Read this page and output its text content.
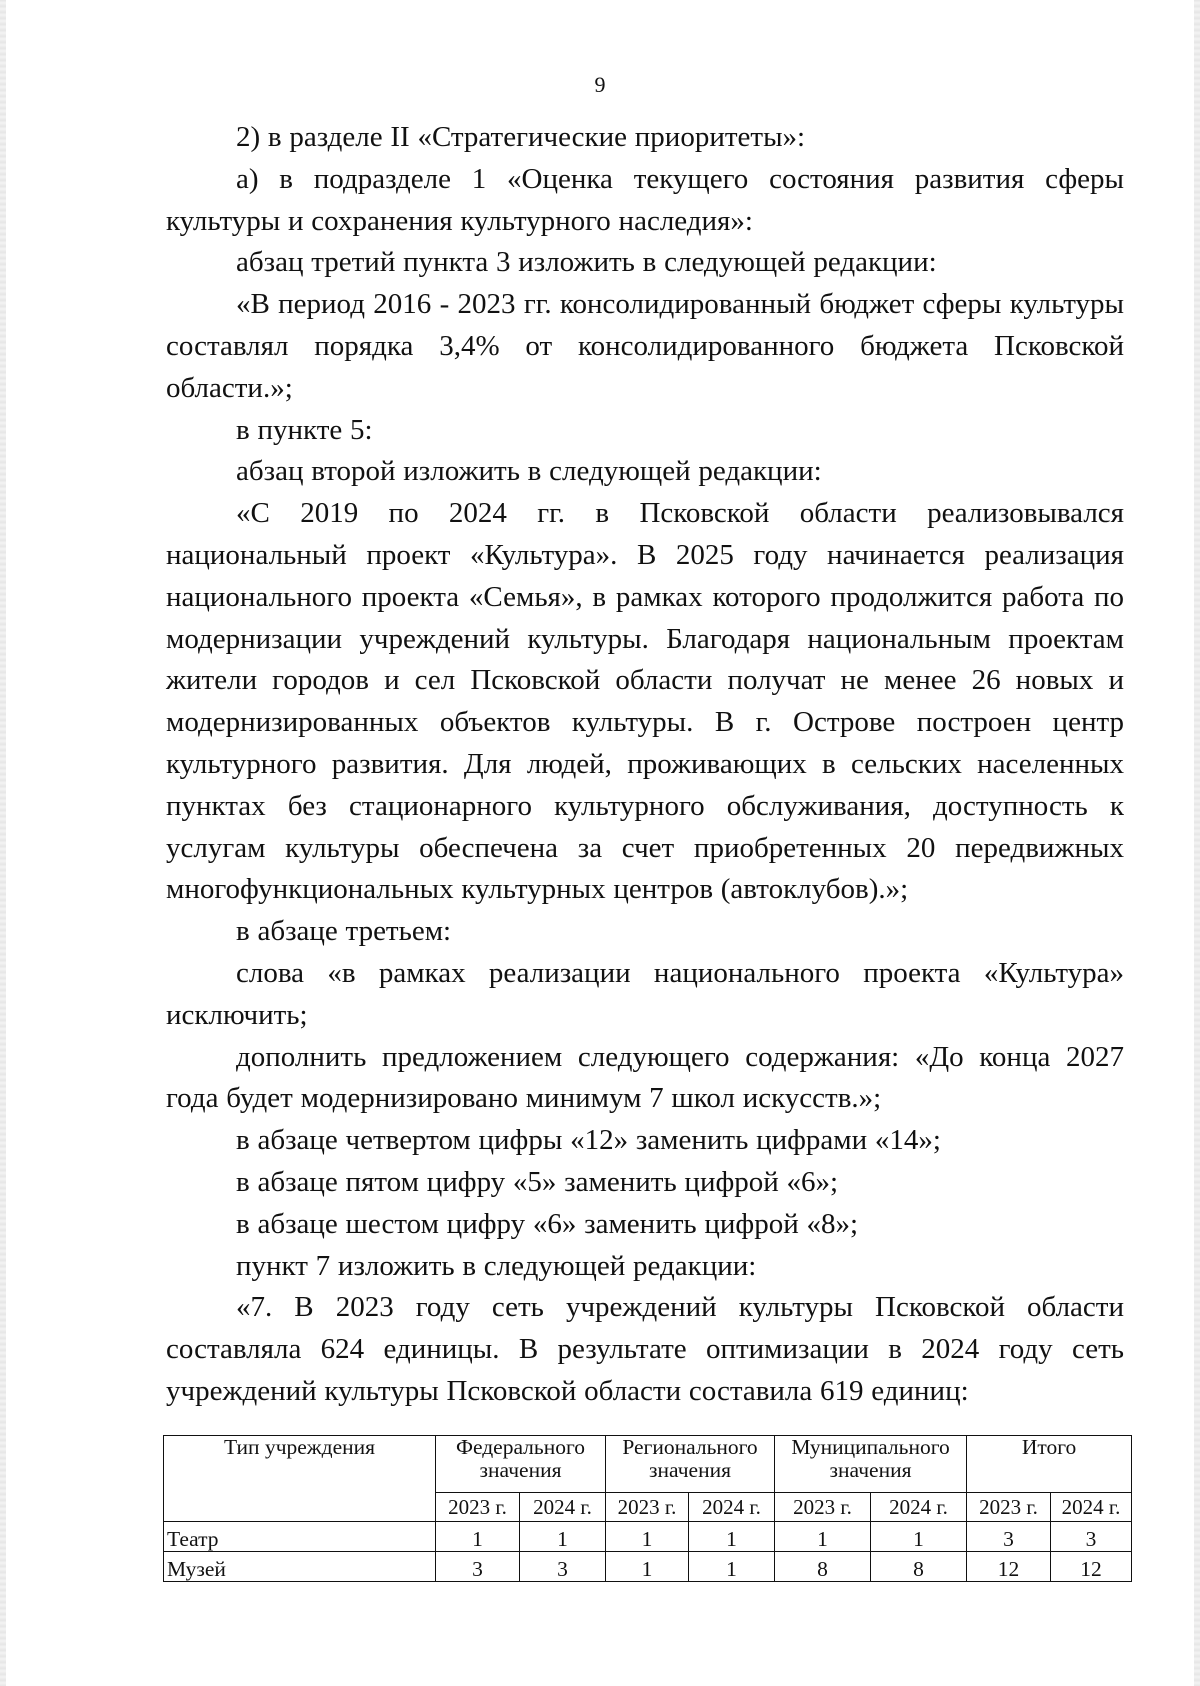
9

2) в разделе II «Стратегические приоритеты»:

а) в подразделе 1 «Оценка текущего состояния развития сферы культуры и сохранения культурного наследия»:

абзац третий пункта 3 изложить в следующей редакции:

«В период 2016 - 2023 гг. консолидированный бюджет сферы культуры составлял порядка 3,4% от консолидированного бюджета Псковской области.»;

в пункте 5:

абзац второй изложить в следующей редакции:

«С 2019 по 2024 гг. в Псковской области реализовывался национальный проект «Культура». В 2025 году начинается реализация национального проекта «Семья», в рамках которого продолжится работа по модернизации учреждений культуры. Благодаря национальным проектам жители городов и сел Псковской области получат не менее 26 новых и модернизированных объектов культуры. В г. Острове построен центр культурного развития. Для людей, проживающих в сельских населенных пунктах без стационарного культурного обслуживания, доступность к услугам культуры обеспечена за счет приобретенных 20 передвижных многофункциональных культурных центров (автоклубов).»;

в абзаце третьем:

слова «в рамках реализации национального проекта «Культура» исключить;

дополнить предложением следующего содержания: «До конца 2027 года будет модернизировано минимум 7 школ искусств.»;

в абзаце четвертом цифры «12» заменить цифрами «14»;

в абзаце пятом цифру «5» заменить цифрой «6»;

в абзаце шестом цифру «6» заменить цифрой «8»;

пункт 7 изложить в следующей редакции:

«7. В 2023 году сеть учреждений культуры Псковской области составляла 624 единицы. В результате оптимизации в 2024 году сеть учреждений культуры Псковской области составила 619 единиц:

Тип учреждения	Федерального значения		Регионального значения		Муниципального значения		Итого	
	2023 г.	2024 г.	2023 г.	2024 г.	2023 г.	2024 г.	2023 г.	2024 г.
Театр	1	1	1	1	1	1	3	3
Музей	3	3	1	1	8	8	12	12
